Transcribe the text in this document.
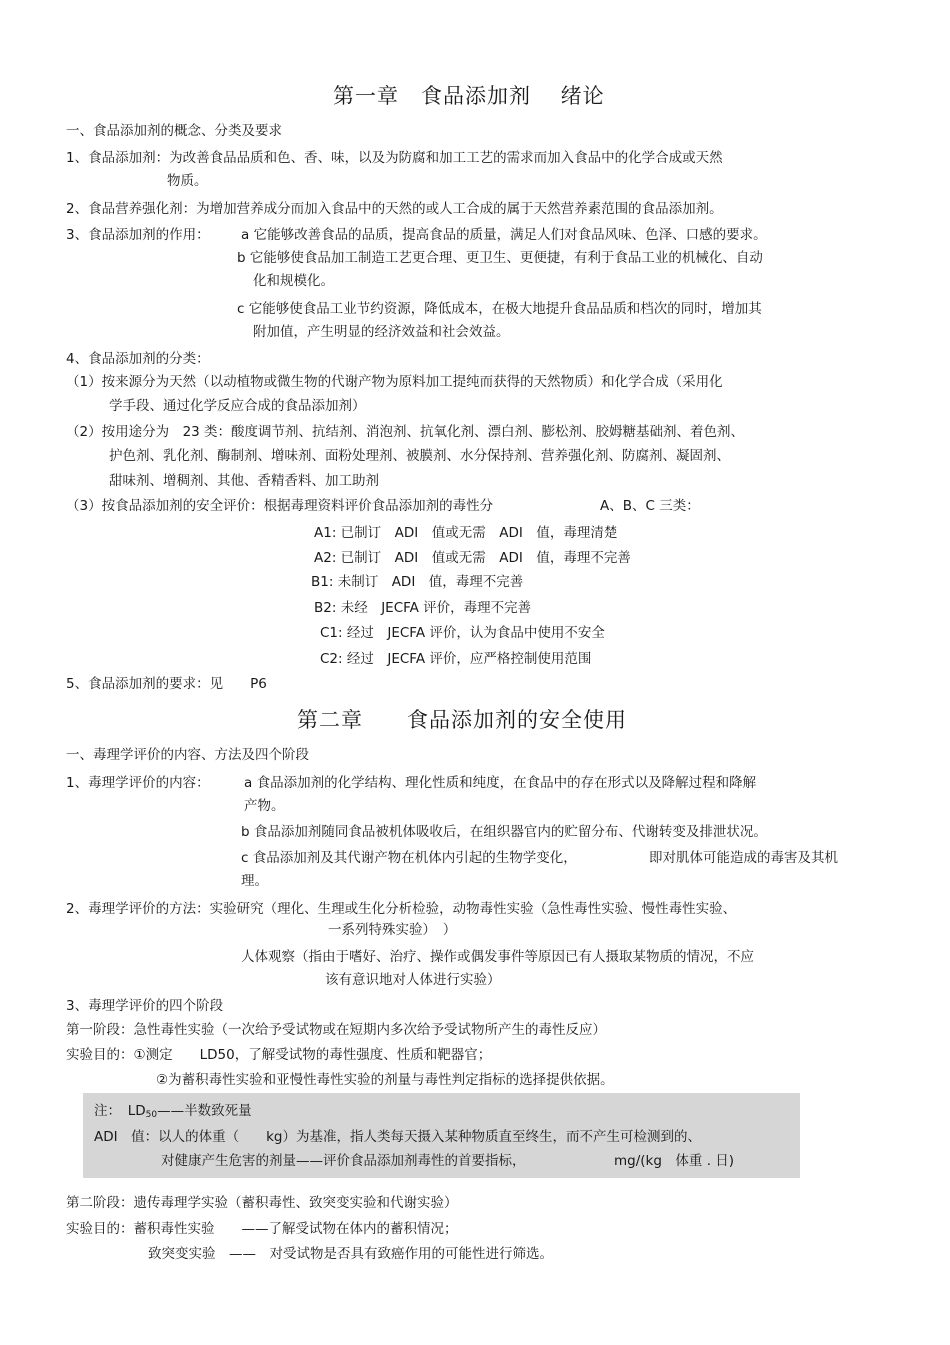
第一章　食品添加剂　 绪论
一、食品添加剂的概念、分类及要求
1、食品添加剂：为改善食品品质和色、香、味，以及为防腐和加工工艺的需求而加入食品中的化学合成或天然
物质。
2、食品营养强化剂：为增加营养成分而加入食品中的天然的或人工合成的属于天然营养素范围的食品添加剂。
3、食品添加剂的作用： a 它能够改善食品的品质，提高食品的质量，满足人们对食品风味、色泽、口感的要求。
b 它能够使食品加工制造工艺更合理、更卫生、更便捷，有利于食品工业的机械化、自动
化和规模化。
c 它能够使食品工业节约资源，降低成本，在极大地提升食品品质和档次的同时，增加其
附加值，产生明显的经济效益和社会效益。
4、食品添加剂的分类：
（1）按来源分为天然（以动植物或微生物的代谢产物为原料加工提纯而获得的天然物质）和化学合成（采用化
学手段、通过化学反应合成的食品添加剂）
（2）按用途分为　23 类：酸度调节剂、抗结剂、消泡剂、抗氧化剂、漂白剂、膨松剂、胶姆糖基础剂、着色剂、
护色剂、乳化剂、酶制剂、增味剂、面粉处理剂、被膜剂、水分保持剂、营养强化剂、防腐剂、凝固剂、
甜味剂、增稠剂、其他、香精香料、加工助剂
（3）按食品添加剂的安全评价：根据毒理资料评价食品添加剂的毒性分	A、B、C 三类：
A1: 已制订　ADI　值或无需　ADI　值，毒理清楚
A2: 已制订　ADI　值或无需　ADI　值，毒理不完善
B1: 未制订　ADI　值，毒理不完善
B2: 未经　JECFA 评价，毒理不完善
C1: 经过　JECFA 评价，认为食品中使用不安全
C2: 经过　JECFA 评价，应严格控制使用范围
5、食品添加剂的要求：见　　P6
第二章　　食品添加剂的安全使用
一、毒理学评价的内容、方法及四个阶段
1、毒理学评价的内容：	a 食品添加剂的化学结构、理化性质和纯度，在食品中的存在形式以及降解过程和降解
产物。
b 食品添加剂随同食品被机体吸收后，在组织器官内的贮留分布、代谢转变及排泄状况。
c 食品添加剂及其代谢产物在机体内引起的生物学变化，	即对肌体可能造成的毒害及其机
理。
2、毒理学评价的方法：实验研究（理化、生理或生化分析检验，动物毒性实验（急性毒性实验、慢性毒性实验、
一系列特殊实验）　）
人体观察（指由于嗜好、治疗、操作或偶发事件等原因已有人摄取某物质的情况，不应
该有意识地对人体进行实验）
3、毒理学评价的四个阶段
第一阶段：急性毒性实验（一次给予受试物或在短期内多次给予受试物所产生的毒性反应）
实验目的：①测定　　LD50，了解受试物的毒性强度、性质和靶器官；
②为蓄积毒性实验和亚慢性毒性实验的剂量与毒性判定指标的选择提供依据。
注：　LD50——半数致死量
ADI　值：以人的体重（　　kg）为基准，指人类每天摄入某种物质直至终生，而不产生可检测到的、
对健康产生危害的剂量——评价食品添加剂毒性的首要指标，	mg/(kg　体重 . 日)
第二阶段：遗传毒理学实验（蓄积毒性、致突变实验和代谢实验）
实验目的：蓄积毒性实验　　——了解受试物在体内的蓄积情况；
致突变实验　——　对受试物是否具有致癌作用的可能性进行筛选。
